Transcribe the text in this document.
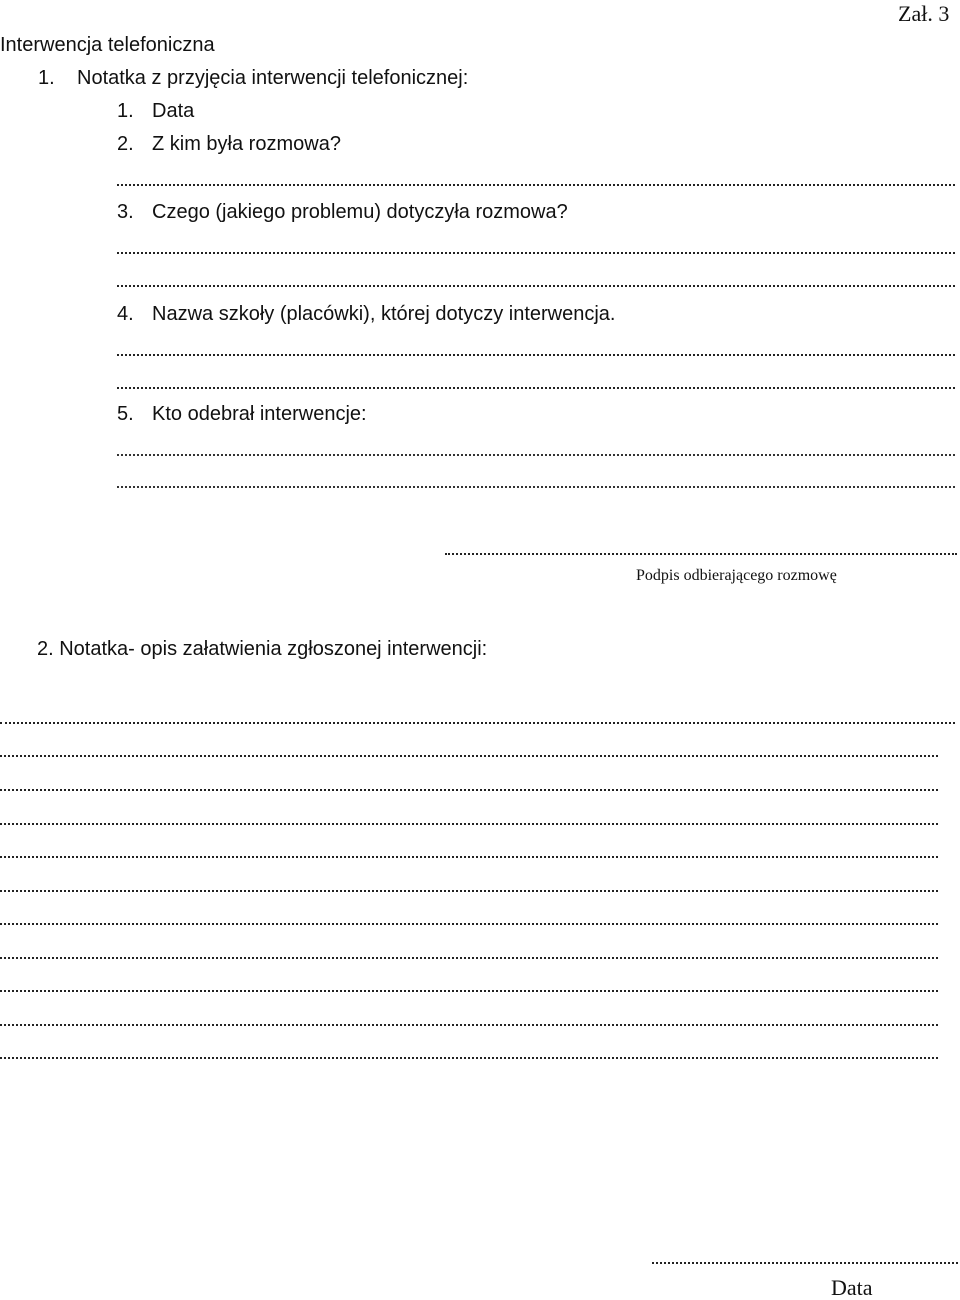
Zał. 3
Interwencja telefoniczna
1. Notatka z przyjęcia interwencji telefonicznej:
1. Data
2. Z kim była rozmowa?
3. Czego (jakiego problemu) dotyczyła rozmowa?
4. Nazwa szkoły (placówki), której dotyczy interwencja.
5. Kto odebrał interwencje:
Podpis odbierającego rozmowę
2. Notatka- opis załatwienia zgłoszonej interwencji:
Data
